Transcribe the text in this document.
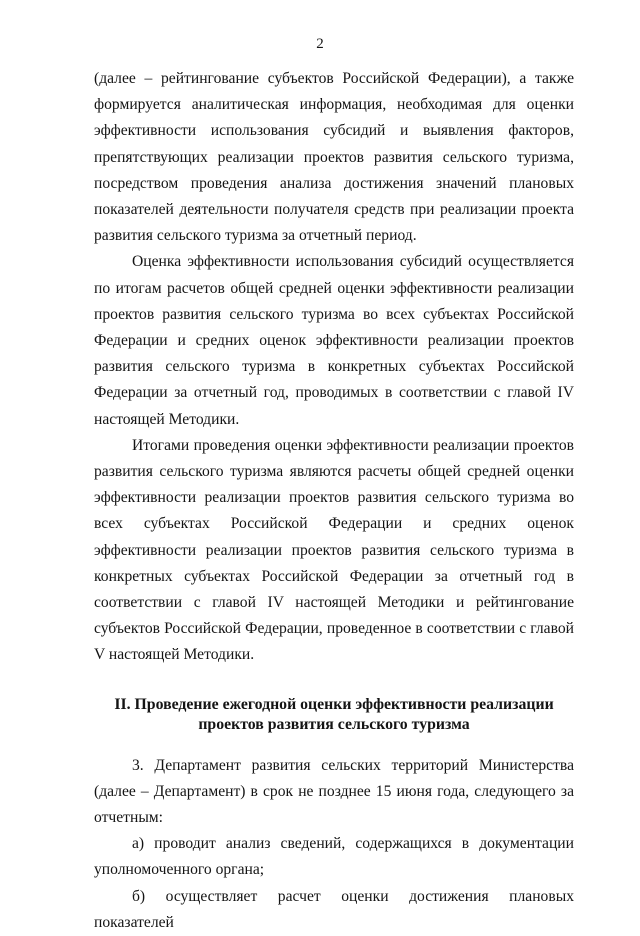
2

(далее – рейтингование субъектов Российской Федерации), а также формируется аналитическая информация, необходимая для оценки эффективности использования субсидий и выявления факторов, препятствующих реализации проектов развития сельского туризма, посредством проведения анализа достижения значений плановых показателей деятельности получателя средств при реализации проекта развития сельского туризма за отчетный период.

Оценка эффективности использования субсидий осуществляется по итогам расчетов общей средней оценки эффективности реализации проектов развития сельского туризма во всех субъектах Российской Федерации и средних оценок эффективности реализации проектов развития сельского туризма в конкретных субъектах Российской Федерации за отчетный год, проводимых в соответствии с главой IV настоящей Методики.

Итогами проведения оценки эффективности реализации проектов развития сельского туризма являются расчеты общей средней оценки эффективности реализации проектов развития сельского туризма во всех субъектах Российской Федерации и средних оценок эффективности реализации проектов развития сельского туризма в конкретных субъектах Российской Федерации за отчетный год в соответствии с главой IV настоящей Методики и рейтингование субъектов Российской Федерации, проведенное в соответствии с главой V настоящей Методики.

II. Проведение ежегодной оценки эффективности реализации
проектов развития сельского туризма

3. Департамент развития сельских территорий Министерства (далее – Департамент) в срок не позднее 15 июня года, следующего за отчетным:

а) проводит анализ сведений, содержащихся в документации уполномоченного органа;

б) осуществляет расчет оценки достижения плановых показателей
